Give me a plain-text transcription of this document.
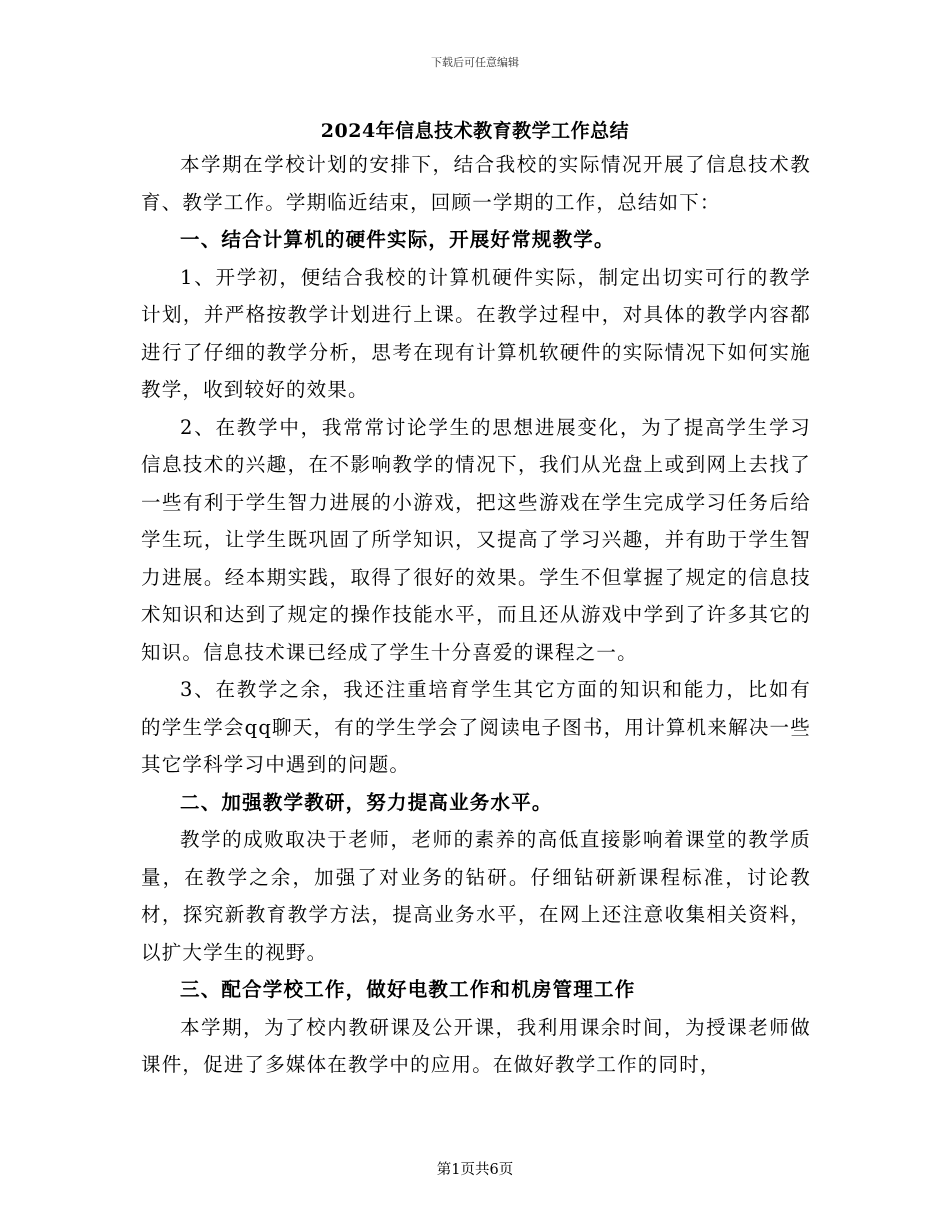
下载后可任意编辑
2024年信息技术教育教学工作总结

本学期在学校计划的安排下，结合我校的实际情况开展了信息技术教育、教学工作。学期临近结束，回顾一学期的工作，总结如下：

一、结合计算机的硬件实际，开展好常规教学。

1、开学初，便结合我校的计算机硬件实际，制定出切实可行的教学计划，并严格按教学计划进行上课。在教学过程中，对具体的教学内容都进行了仔细的教学分析，思考在现有计算机软硬件的实际情况下如何实施教学，收到较好的效果。

2、在教学中，我常常讨论学生的思想进展变化，为了提高学生学习信息技术的兴趣，在不影响教学的情况下，我们从光盘上或到网上去找了一些有利于学生智力进展的小游戏，把这些游戏在学生完成学习任务后给学生玩，让学生既巩固了所学知识，又提高了学习兴趣，并有助于学生智力进展。经本期实践，取得了很好的效果。学生不但掌握了规定的信息技术知识和达到了规定的操作技能水平，而且还从游戏中学到了许多其它的知识。信息技术课已经成了学生十分喜爱的课程之一。

3、在教学之余，我还注重培育学生其它方面的知识和能力，比如有的学生学会qq聊天，有的学生学会了阅读电子图书，用计算机来解决一些其它学科学习中遇到的问题。

二、加强教学教研，努力提高业务水平。

教学的成败取决于老师，老师的素养的高低直接影响着课堂的教学质量，在教学之余，加强了对业务的钻研。仔细钻研新课程标准，讨论教材，探究新教育教学方法，提高业务水平，在网上还注意收集相关资料，以扩大学生的视野。

三、配合学校工作，做好电教工作和机房管理工作

本学期，为了校内教研课及公开课，我利用课余时间，为授课老师做课件，促进了多媒体在教学中的应用。在做好教学工作的同时，

第1页共6页
